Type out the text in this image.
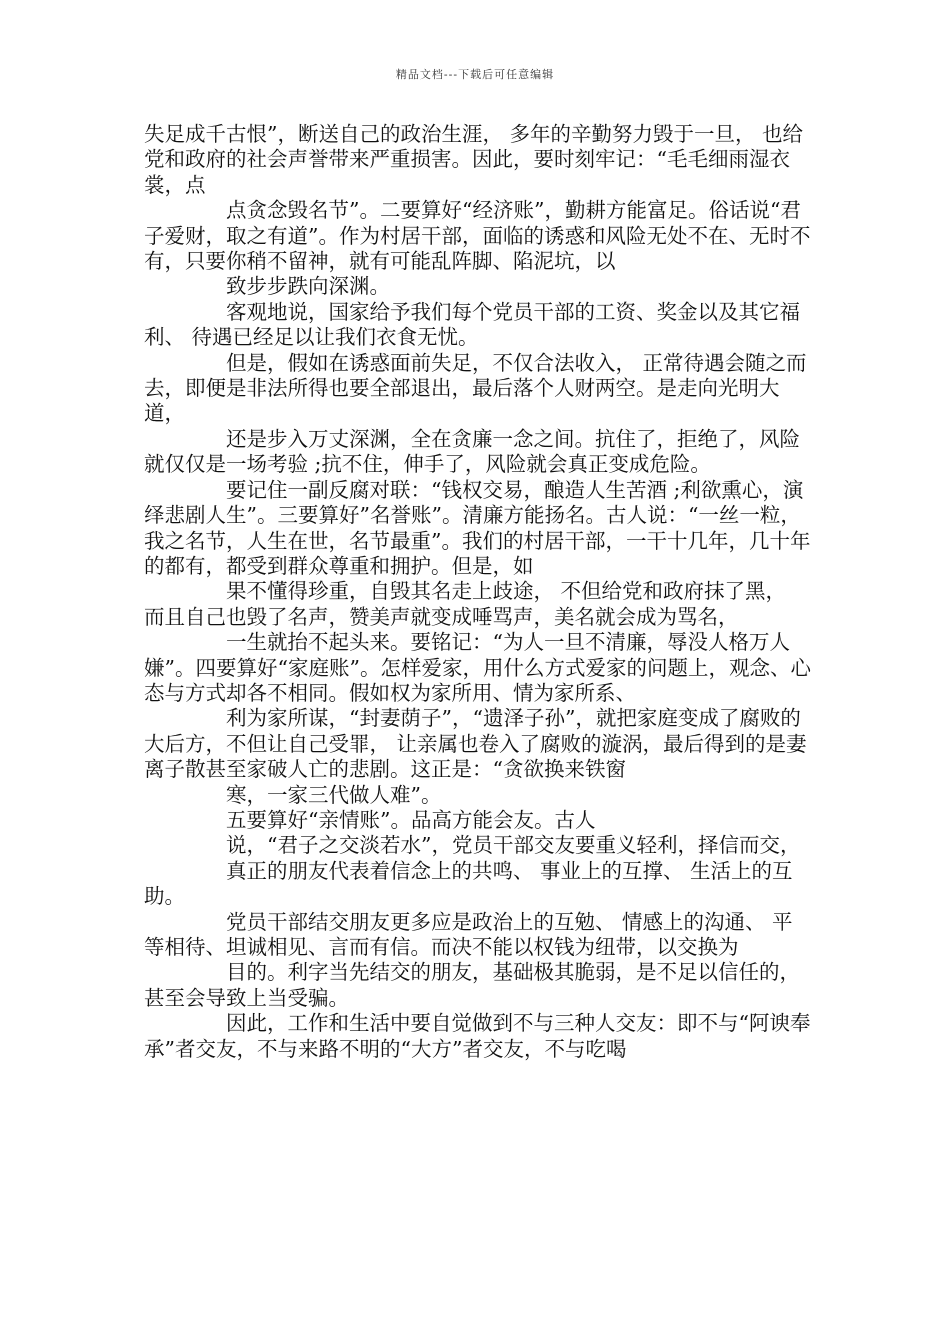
精品文档---下载后可任意编辑

失足成千古恨”，断送自己的政治生涯， 多年的辛勤努力毁于一旦， 也给党和政府的社会声誉带来严重损害。因此，要时刻牢记：“毛毛细雨湿衣裳，点

点贪念毁名节”。二要算好“经济账”，勤耕方能富足。俗话说“君子爱财，取之有道”。作为村居干部，面临的诱惑和风险无处不在、无时不有，只要你稍不留神，就有可能乱阵脚、陷泥坑，以

致步步跌向深渊。

客观地说，国家给予我们每个党员干部的工资、奖金以及其它福利、 待遇已经足以让我们衣食无忧。

但是，假如在诱惑面前失足，不仅合法收入， 正常待遇会随之而去，即便是非法所得也要全部退出，最后落个人财两空。是走向光明大道，

还是步入万丈深渊，全在贪廉一念之间。抗住了，拒绝了，风险就仅仅是一场考验 ;抗不住，伸手了，风险就会真正变成危险。

要记住一副反腐对联：“钱权交易，酿造人生苦酒 ;利欲熏心，演绎悲剧人生”。三要算好”名誉账”。清廉方能扬名。古人说：“一丝一粒，我之名节，人生在世，名节最重”。我们的村居干部，一干十几年，几十年的都有，都受到群众尊重和拥护。但是，如

果不懂得珍重，自毁其名走上歧途， 不但给党和政府抹了黑， 而且自己也毁了名声，赞美声就变成唾骂声，美名就会成为骂名，

一生就抬不起头来。要铭记：“为人一旦不清廉，辱没人格万人嫌”。四要算好“家庭账”。怎样爱家，用什么方式爱家的问题上，观念、心态与方式却各不相同。假如权为家所用、情为家所系、

利为家所谋，“封妻荫子”，“遗泽子孙”，就把家庭变成了腐败的大后方，不但让自己受罪， 让亲属也卷入了腐败的漩涡，最后得到的是妻离子散甚至家破人亡的悲剧。这正是：“贪欲换来铁窗

寒，一家三代做人难”。

五要算好“亲情账”。品高方能会友。古人

说，“君子之交淡若水”，党员干部交友要重义轻利，择信而交，

真正的朋友代表着信念上的共鸣、 事业上的互撑、 生活上的互助。

党员干部结交朋友更多应是政治上的互勉、 情感上的沟通、 平等相待、坦诚相见、言而有信。而决不能以权钱为纽带，以交换为

目的。利字当先结交的朋友，基础极其脆弱，是不足以信任的，甚至会导致上当受骗。

因此，工作和生活中要自觉做到不与三种人交友：即不与“阿谀奉承”者交友，不与来路不明的“大方”者交友，不与吃喝
